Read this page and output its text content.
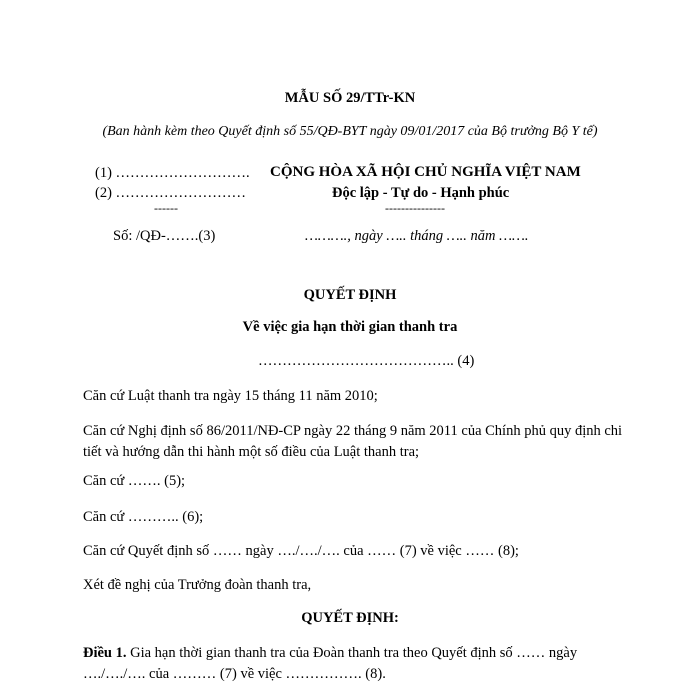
MẪU SỐ 29/TTr-KN
(Ban hành kèm theo Quyết định số 55/QĐ-BYT ngày 09/01/2017 của Bộ trưởng Bộ Y tế)
(1) ……………………….
(2) ………………………
------
CỘNG HÒA XÃ HỘI CHỦ NGHĨA VIỆT NAM
Độc lập - Tự do - Hạnh phúc
---------------
Số: /QĐ-…….(3)	………., ngày ….. tháng ….. năm …….
QUYẾT ĐỊNH
Về việc gia hạn thời gian thanh tra
………………………………….. (4)
Căn cứ Luật thanh tra ngày 15 tháng 11 năm 2010;
Căn cứ Nghị định số 86/2011/NĐ-CP ngày 22 tháng 9 năm 2011 của Chính phủ quy định chi tiết và hướng dẫn thi hành một số điều của Luật thanh tra;
Căn cứ ……. (5);
Căn cứ ……….. (6);
Căn cứ Quyết định số …… ngày …./…./…. của …… (7) về việc …… (8);
Xét đề nghị của Trưởng đoàn thanh tra,
QUYẾT ĐỊNH:
Điều 1. Gia hạn thời gian thanh tra của Đoàn thanh tra theo Quyết định số …… ngày …./…./…. của ……… (7) về việc ……………. (8).
